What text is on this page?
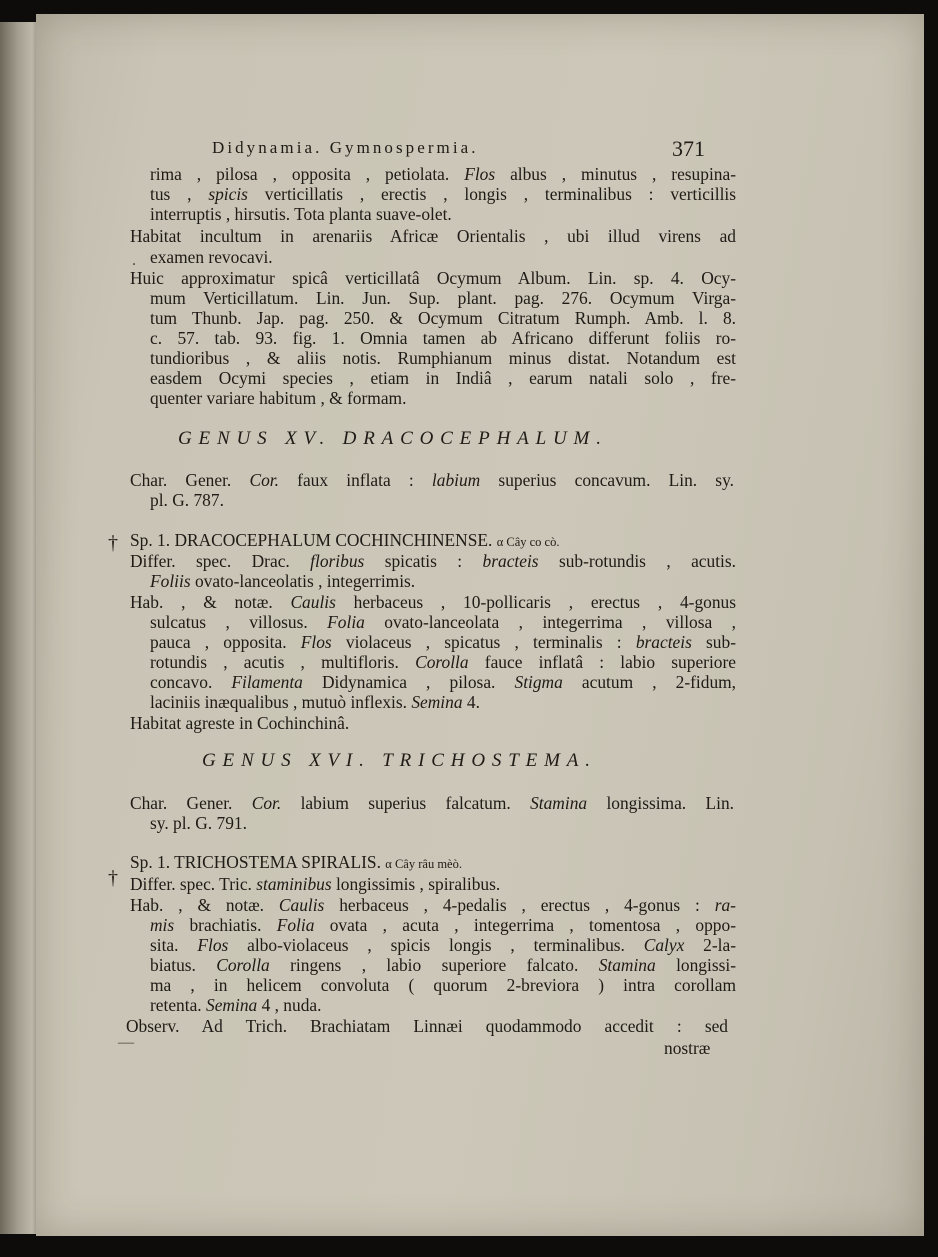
Didynamia. Gymnospermia.	371
rima , pilosa , opposita , petiolata. Flos albus , minutus , resupina-
tus , spicis verticillatis , erectis , longis , terminalibus : verticillis
interruptis , hirsutis. Tota planta suave-olet.
Habitat incultum in arenariis Africæ Orientalis , ubi illud virens ad
examen revocavi.
Huic approximatur spicâ verticillatâ Ocymum Album. Lin. sp. 4. Ocy-
mum Verticillatum. Lin. Jun. Sup. plant. pag. 276. Ocymum Virga-
tum Thunb. Jap. pag. 250. & Ocymum Citratum Rumph. Amb. l. 8.
c. 57. tab. 93. fig. 1. Omnia tamen ab Africano differunt foliis ro-
tundioribus , & aliis notis. Rumphianum minus distat. Notandum est
easdem Ocymi species , etiam in Indiâ , earum natali solo , fre-
quenter variare habitum , & formam.
GENUS XV. DRACOCEPHALUM.
Char. Gener. Cor. faux inflata : labium superius concavum. Lin. sy.
pl. G. 787.
† Sp. 1. DRACOCEPHALUM COCHINCHINENSE. α Cây co cò.
Differ. spec. Drac. floribus spicatis : bracteis sub-rotundis , acutis.
Foliis ovato-lanceolatis , integerrimis.
Hab. , & notæ. Caulis herbaceus , 10-pollicaris , erectus , 4-gonus
sulcatus , villosus. Folia ovato-lanceolata , integerrima , villosa ,
pauca , opposita. Flos violaceus , spicatus , terminalis : bracteis sub-
rotundis , acutis , multifloris. Corolla fauce inflatâ : labio superiore
concavo. Filamenta Didynamica , pilosa. Stigma acutum , 2-fidum,
laciniis inæqualibus , mutuò inflexis. Semina 4.
Habitat agreste in Cochinchinâ.
GENUS XVI. TRICHOSTEMA.
Char. Gener. Cor. labium superius falcatum. Stamina longissima. Lin.
sy. pl. G. 791.
†
Sp. 1. TRICHOSTEMA SPIRALIS. α Cây râu mèò.
Differ. spec. Tric. staminibus longissimis , spiralibus.
Hab. , & notæ. Caulis herbaceus , 4-pedalis , erectus , 4-gonus : ra-
mis brachiatis. Folia ovata , acuta , integerrima , tomentosa , oppo-
sita. Flos albo-violaceus , spicis longis , terminalibus. Calyx 2-la-
biatus. Corolla ringens , labio superiore falcato. Stamina longissi-
ma , in helicem convoluta ( quorum 2-breviora ) intra corollam
retenta. Semina 4 , nuda.
Observ. Ad Trich. Brachiatam Linnæi quodammodo accedit : sed
nostræ
.
—
